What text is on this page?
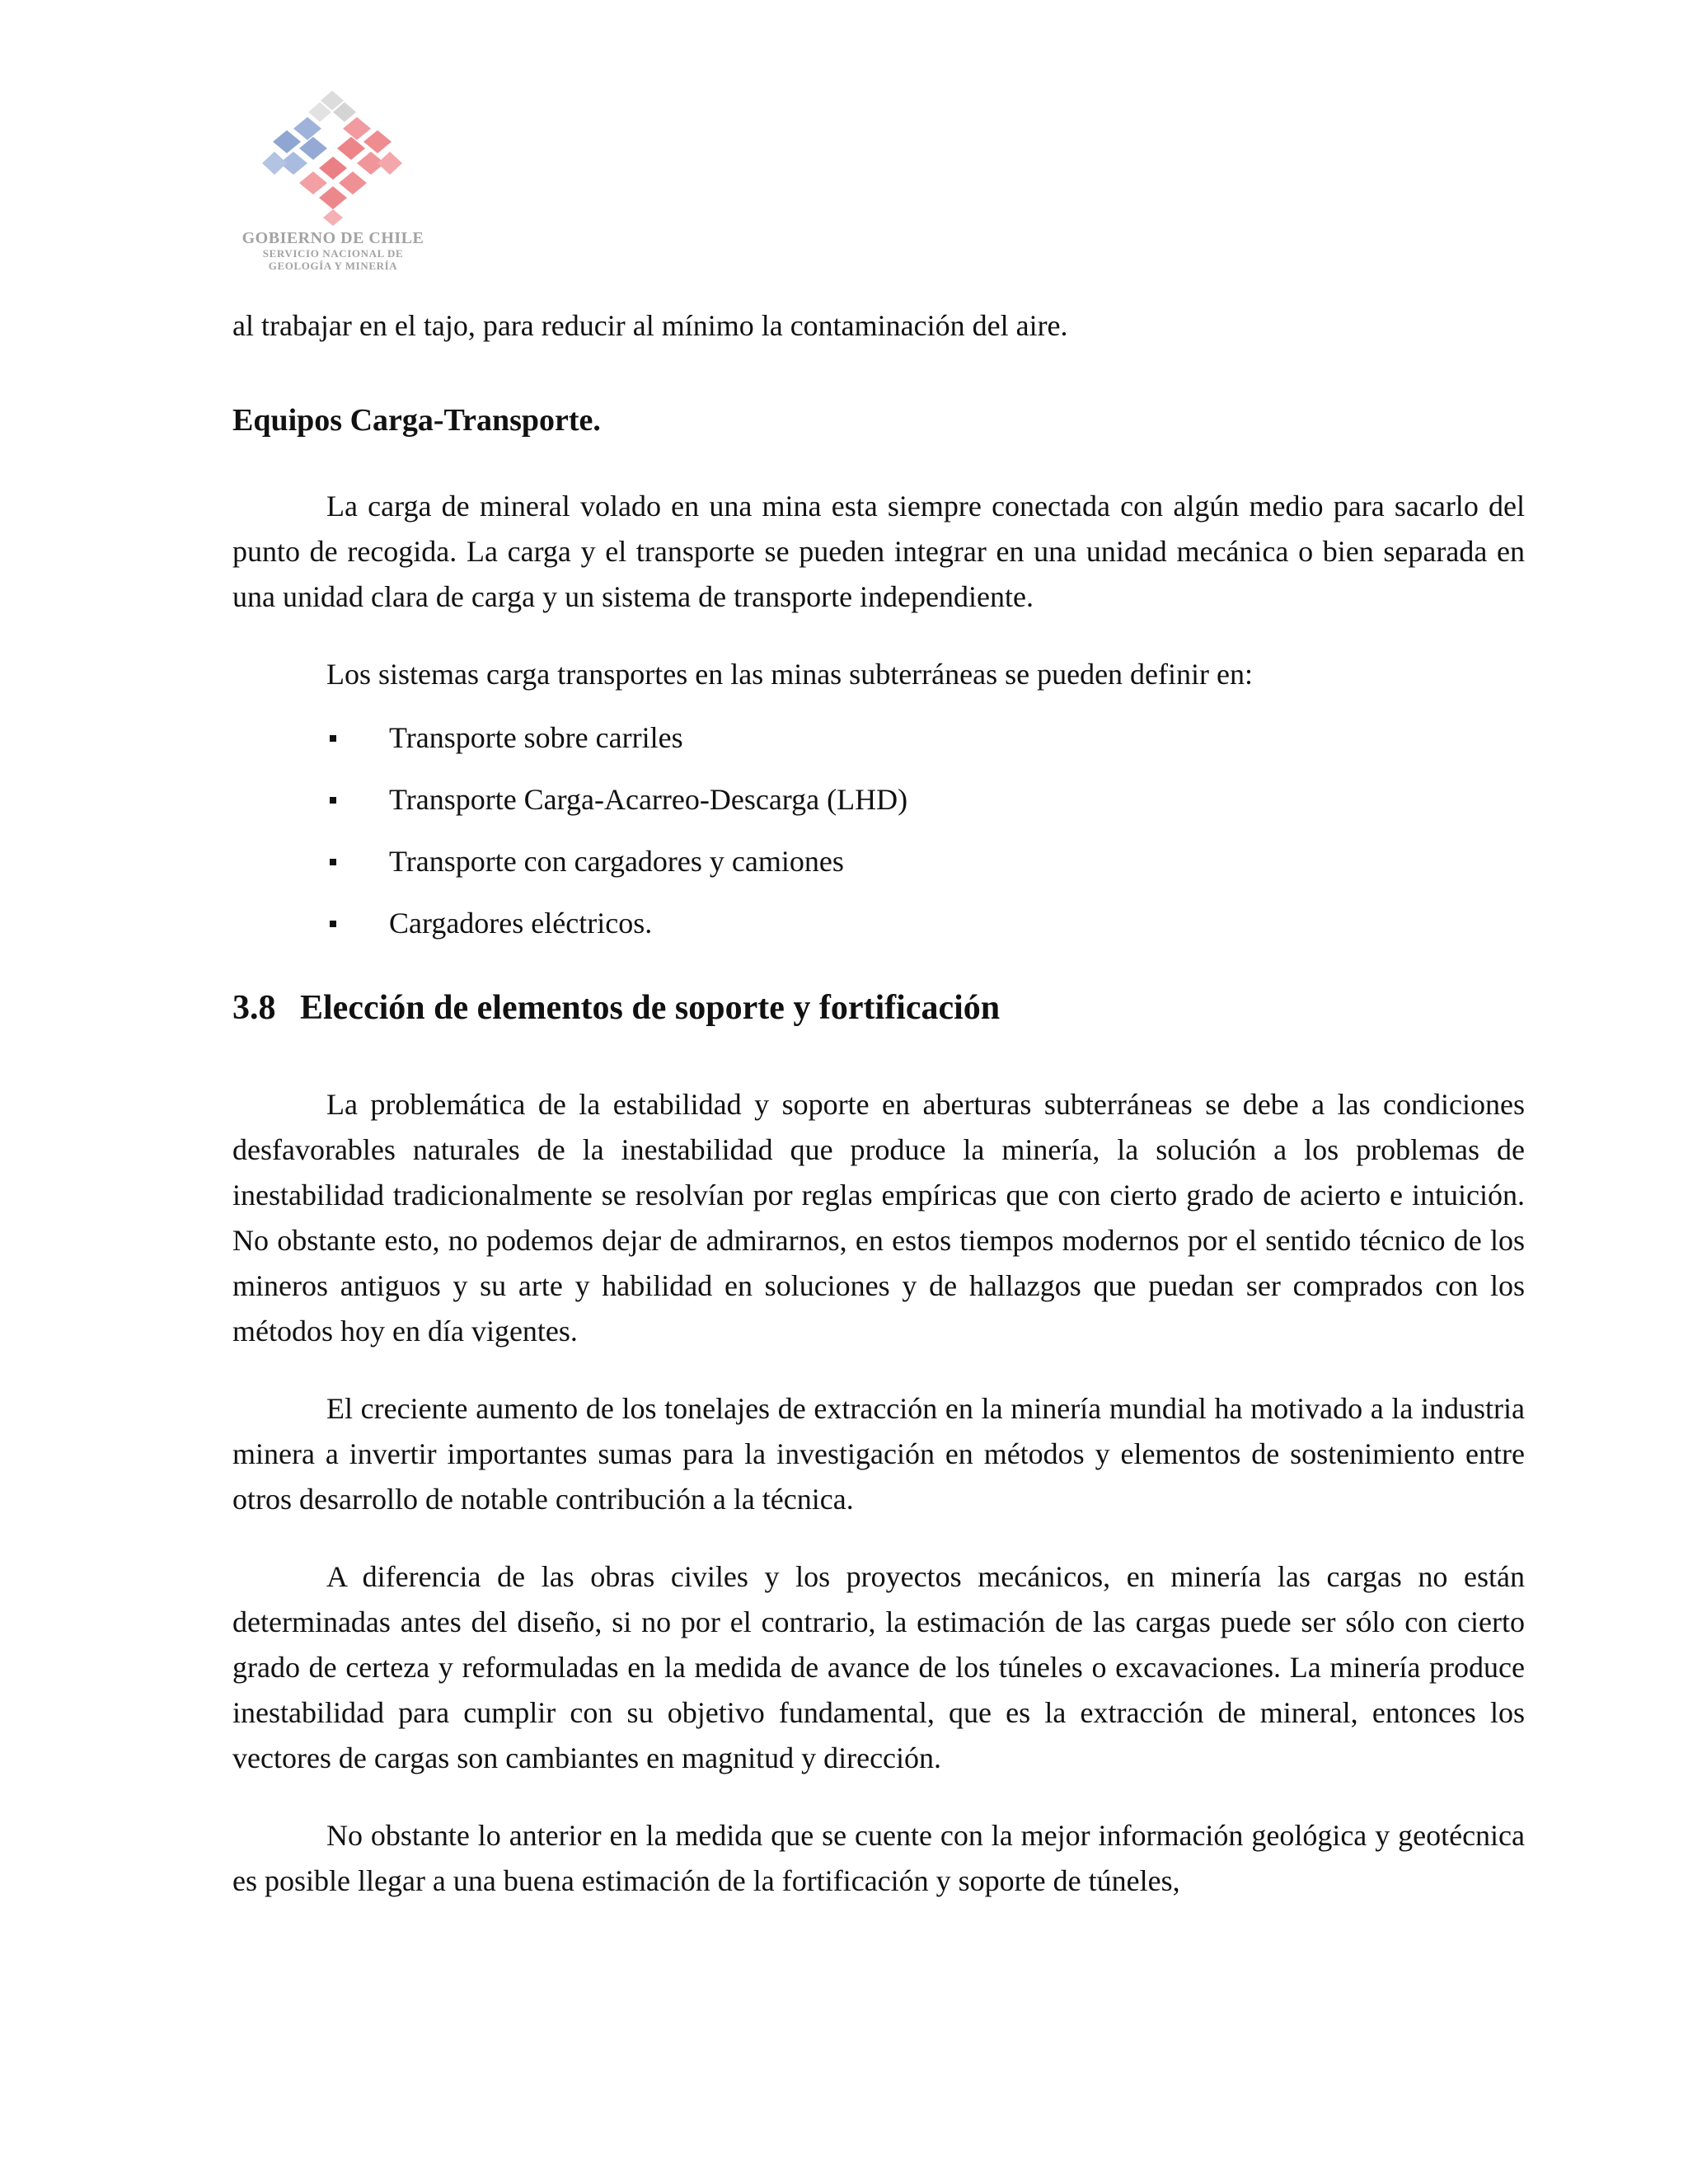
GOBIERNO DE CHILE
SERVICIO NACIONAL DE
GEOLOGÍA Y MINERÍA

al trabajar en el tajo, para reducir al mínimo la contaminación del aire.

Equipos Carga-Transporte.

La carga de mineral volado en una mina esta siempre conectada con algún medio para sacarlo del punto de recogida. La carga y el transporte se pueden integrar en una unidad mecánica o bien separada en una unidad clara de carga y un sistema de transporte independiente.

Los sistemas carga transportes en las minas subterráneas se pueden definir en:

Transporte sobre carriles
Transporte Carga-Acarreo-Descarga (LHD)
Transporte con cargadores y camiones
Cargadores eléctricos.
3.8 Elección de elementos de soporte y fortificación

La problemática de la estabilidad y soporte en aberturas subterráneas se debe a las condiciones desfavorables naturales de la inestabilidad que produce la minería, la solución a los problemas de inestabilidad tradicionalmente se resolvían por reglas empíricas que con cierto grado de acierto e intuición. No obstante esto, no podemos dejar de admirarnos, en estos tiempos modernos por el sentido técnico de los mineros antiguos y su arte y habilidad en soluciones y de hallazgos que puedan ser comprados con los métodos hoy en día vigentes.

El creciente aumento de los tonelajes de extracción en la minería mundial ha motivado a la industria minera a invertir importantes sumas para la investigación en métodos y elementos de sostenimiento entre otros desarrollo de notable contribución a la técnica.

A diferencia de las obras civiles y los proyectos mecánicos, en minería las cargas no están determinadas antes del diseño, si no por el contrario, la estimación de las cargas puede ser sólo con cierto grado de certeza y reformuladas en la medida de avance de los túneles o excavaciones. La minería produce inestabilidad para cumplir con su objetivo fundamental, que es la extracción de mineral, entonces los vectores de cargas son cambiantes en magnitud y dirección.

No obstante lo anterior en la medida que se cuente con la mejor información geológica y geotécnica es posible llegar a una buena estimación de la fortificación y soporte de túneles,
